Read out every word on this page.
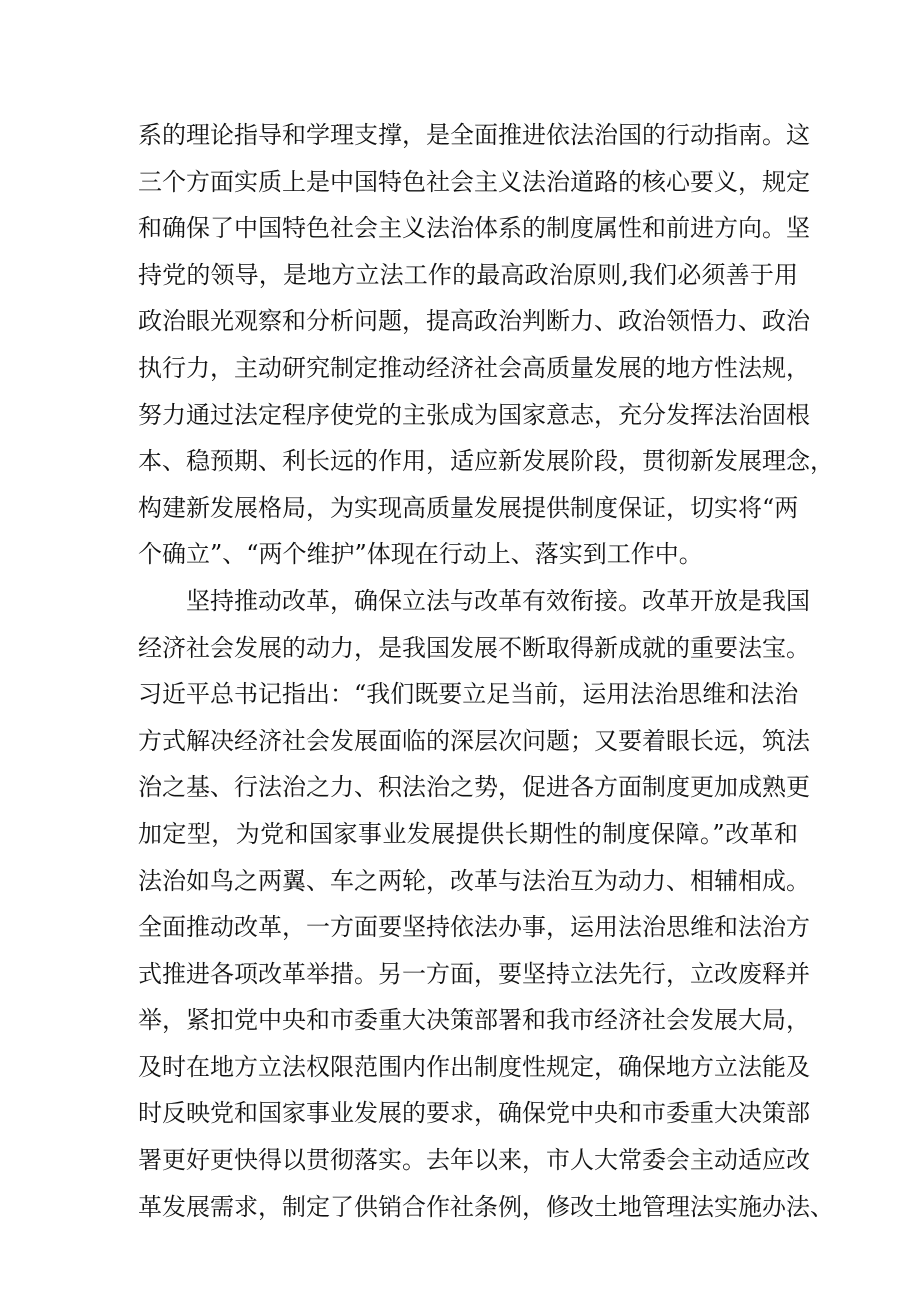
系的理论指导和学理支撑，是全面推进依法治国的行动指南。这
三个方面实质上是中国特色社会主义法治道路的核心要义，规定
和确保了中国特色社会主义法治体系的制度属性和前进方向。坚
持党的领导，是地方立法工作的最高政治原则,我们必须善于用
政治眼光观察和分析问题，提高政治判断力、政治领悟力、政治
执行力，主动研究制定推动经济社会高质量发展的地方性法规，
努力通过法定程序使党的主张成为国家意志，充分发挥法治固根
本、稳预期、利长远的作用，适应新发展阶段，贯彻新发展理念，
构建新发展格局，为实现高质量发展提供制度保证，切实将“两
个确立”、“两个维护”体现在行动上、落实到工作中。
坚持推动改革，确保立法与改革有效衔接。改革开放是我国
经济社会发展的动力，是我国发展不断取得新成就的重要法宝。
习近平总书记指出：“我们既要立足当前，运用法治思维和法治
方式解决经济社会发展面临的深层次问题；又要着眼长远，筑法
治之基、行法治之力、积法治之势，促进各方面制度更加成熟更
加定型，为党和国家事业发展提供长期性的制度保障。”改革和
法治如鸟之两翼、车之两轮，改革与法治互为动力、相辅相成。
全面推动改革，一方面要坚持依法办事，运用法治思维和法治方
式推进各项改革举措。另一方面，要坚持立法先行，立改废释并
举，紧扣党中央和市委重大决策部署和我市经济社会发展大局，
及时在地方立法权限范围内作出制度性规定，确保地方立法能及
时反映党和国家事业发展的要求，确保党中央和市委重大决策部
署更好更快得以贯彻落实。去年以来，市人大常委会主动适应改
革发展需求，制定了供销合作社条例，修改土地管理法实施办法、
